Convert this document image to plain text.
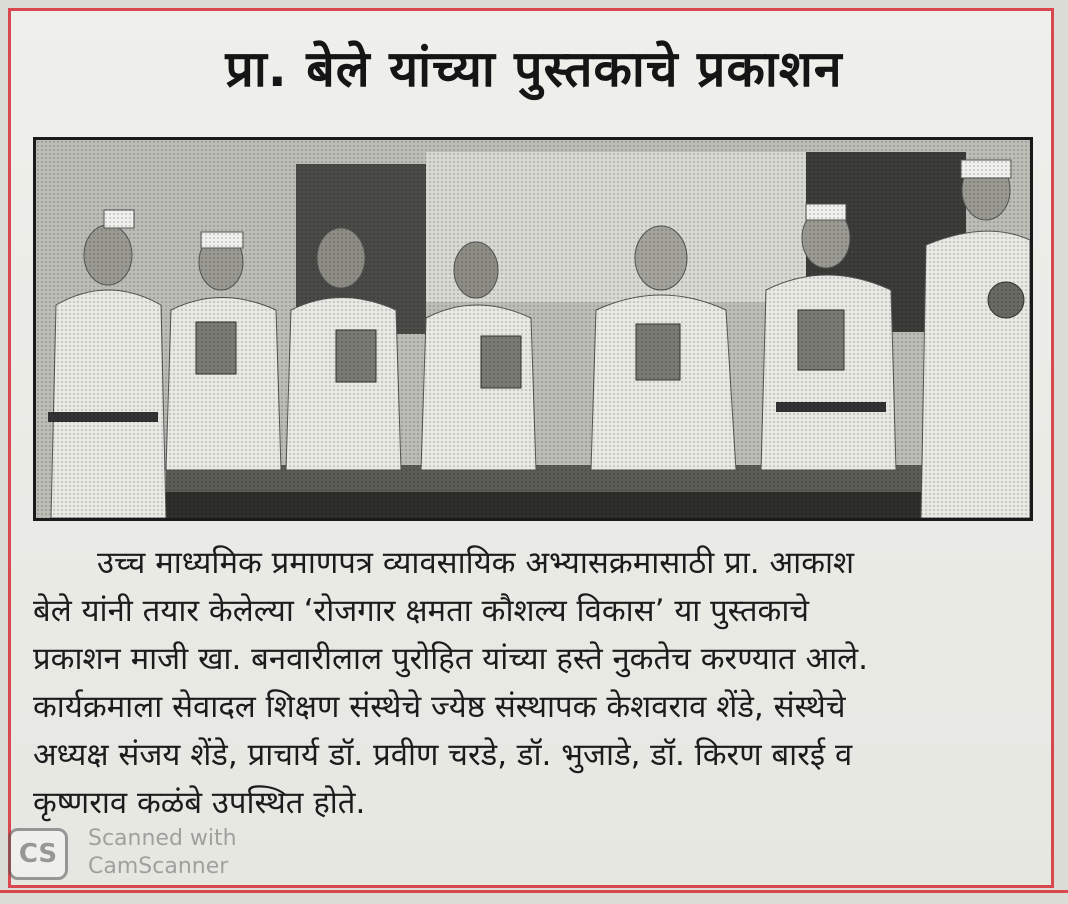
प्रा. बेले यांच्या पुस्तकाचे प्रकाशन
उच्च माध्यमिक प्रमाणपत्र व्यावसायिक अभ्यासक्रमासाठी प्रा. आकाश
बेले यांनी तयार केलेल्या ‘रोजगार क्षमता कौशल्य विकास’ या पुस्तकाचे
प्रकाशन माजी खा. बनवारीलाल पुरोहित यांच्या हस्ते नुकतेच करण्यात आले.
कार्यक्रमाला सेवादल शिक्षण संस्थेचे ज्येष्ठ संस्थापक केशवराव शेंडे, संस्थेचे
अध्यक्ष संजय शेंडे, प्राचार्य डॉ. प्रवीण चरडे, डॉ. भुजाडे, डॉ. किरण बारई व
कृष्णराव कळंबे उपस्थित होते.
CS
Scanned with
CamScanner
